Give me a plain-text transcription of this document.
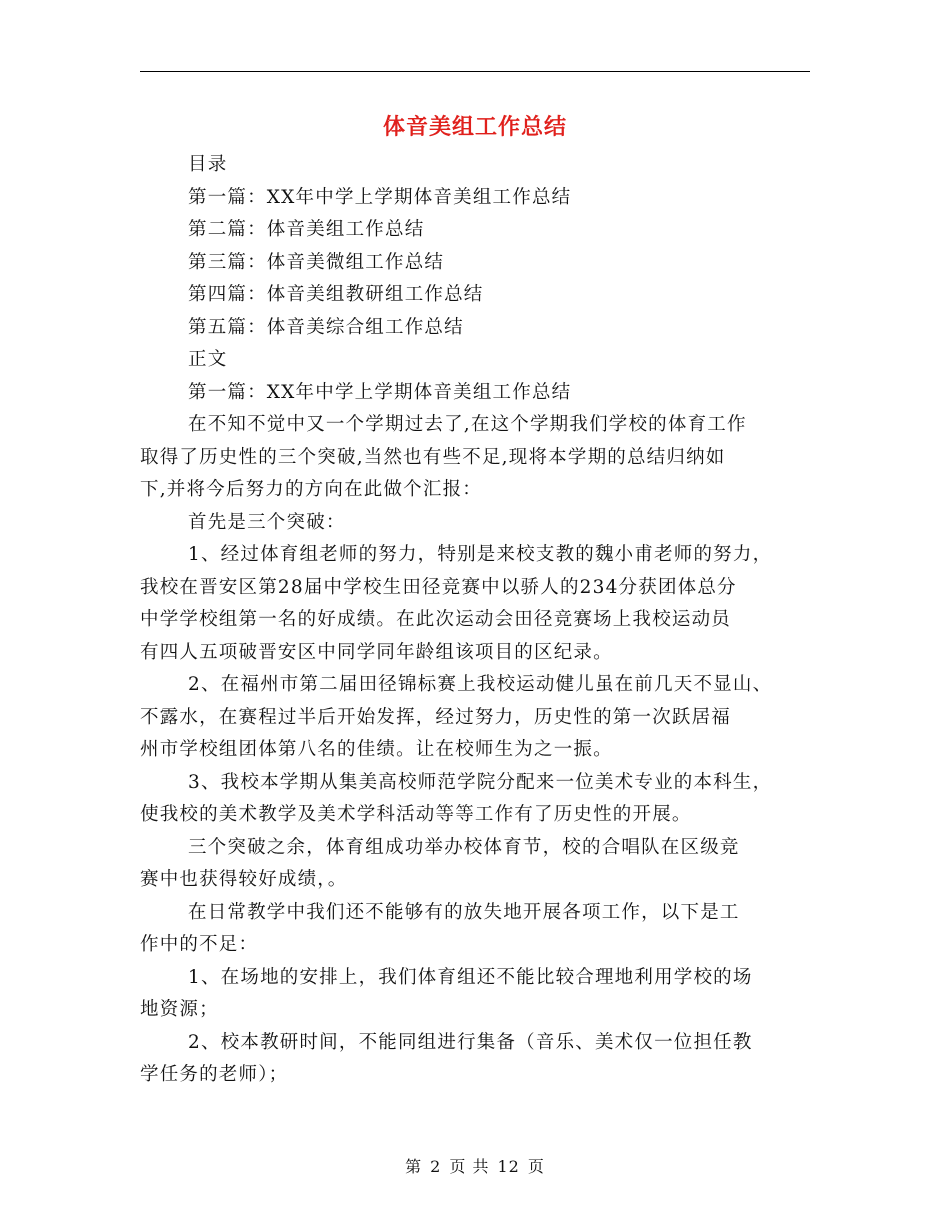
体音美组工作总结
目录
第一篇：XX年中学上学期体音美组工作总结
第二篇：体音美组工作总结
第三篇：体音美微组工作总结
第四篇：体音美组教研组工作总结
第五篇：体音美综合组工作总结
正文
第一篇：XX年中学上学期体音美组工作总结
在不知不觉中又一个学期过去了,在这个学期我们学校的体育工作
取得了历史性的三个突破,当然也有些不足,现将本学期的总结归纳如
下,并将今后努力的方向在此做个汇报：
首先是三个突破：
1、经过体育组老师的努力，特别是来校支教的魏小甫老师的努力，
我校在晋安区第28届中学校生田径竞赛中以骄人的234分获团体总分
中学学校组第一名的好成绩。在此次运动会田径竞赛场上我校运动员
有四人五项破晋安区中同学同年龄组该项目的区纪录。
2、在福州市第二届田径锦标赛上我校运动健儿虽在前几天不显山、
不露水，在赛程过半后开始发挥，经过努力，历史性的第一次跃居福
州市学校组团体第八名的佳绩。让在校师生为之一振。
3、我校本学期从集美高校师范学院分配来一位美术专业的本科生，
使我校的美术教学及美术学科活动等等工作有了历史性的开展。
三个突破之余，体育组成功举办校体育节，校的合唱队在区级竞
赛中也获得较好成绩，。
在日常教学中我们还不能够有的放失地开展各项工作，以下是工
作中的不足：
1、在场地的安排上，我们体育组还不能比较合理地利用学校的场
地资源；
2、校本教研时间，不能同组进行集备（音乐、美术仅一位担任教
学任务的老师）；
第 2 页 共 12 页
